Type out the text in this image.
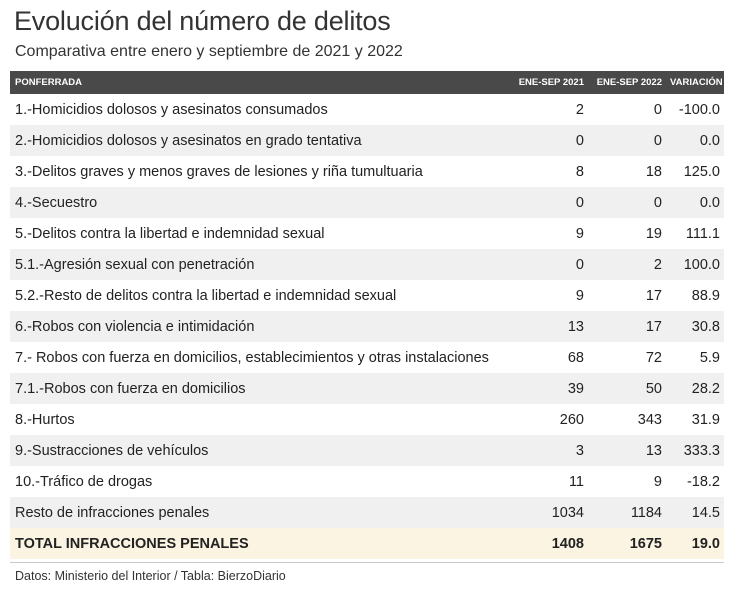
Evolución del número de delitos
Comparativa entre enero y septiembre de 2021 y 2022
PONFERRADA	ENE-SEP 2021	ENE-SEP 2022	VARIACIÓN
1.-Homicidios dolosos y asesinatos consumados	2	0	-100.0
2.-Homicidios dolosos y asesinatos en grado tentativa	0	0	0.0
3.-Delitos graves y menos graves de lesiones y riña tumultuaria	8	18	125.0
4.-Secuestro	0	0	0.0
5.-Delitos contra la libertad e indemnidad sexual	9	19	111.1
5.1.-Agresión sexual con penetración	0	2	100.0
5.2.-Resto de delitos contra la libertad e indemnidad sexual	9	17	88.9
6.-Robos con violencia e intimidación	13	17	30.8
7.- Robos con fuerza en domicilios, establecimientos y otras instalaciones	68	72	5.9
7.1.-Robos con fuerza en domicilios	39	50	28.2
8.-Hurtos	260	343	31.9
9.-Sustracciones de vehículos	3	13	333.3
10.-Tráfico de drogas	11	9	-18.2
Resto de infracciones penales	1034	1184	14.5
TOTAL INFRACCIONES PENALES	1408	1675	19.0
Datos: Ministerio del Interior / Tabla: BierzoDiario
